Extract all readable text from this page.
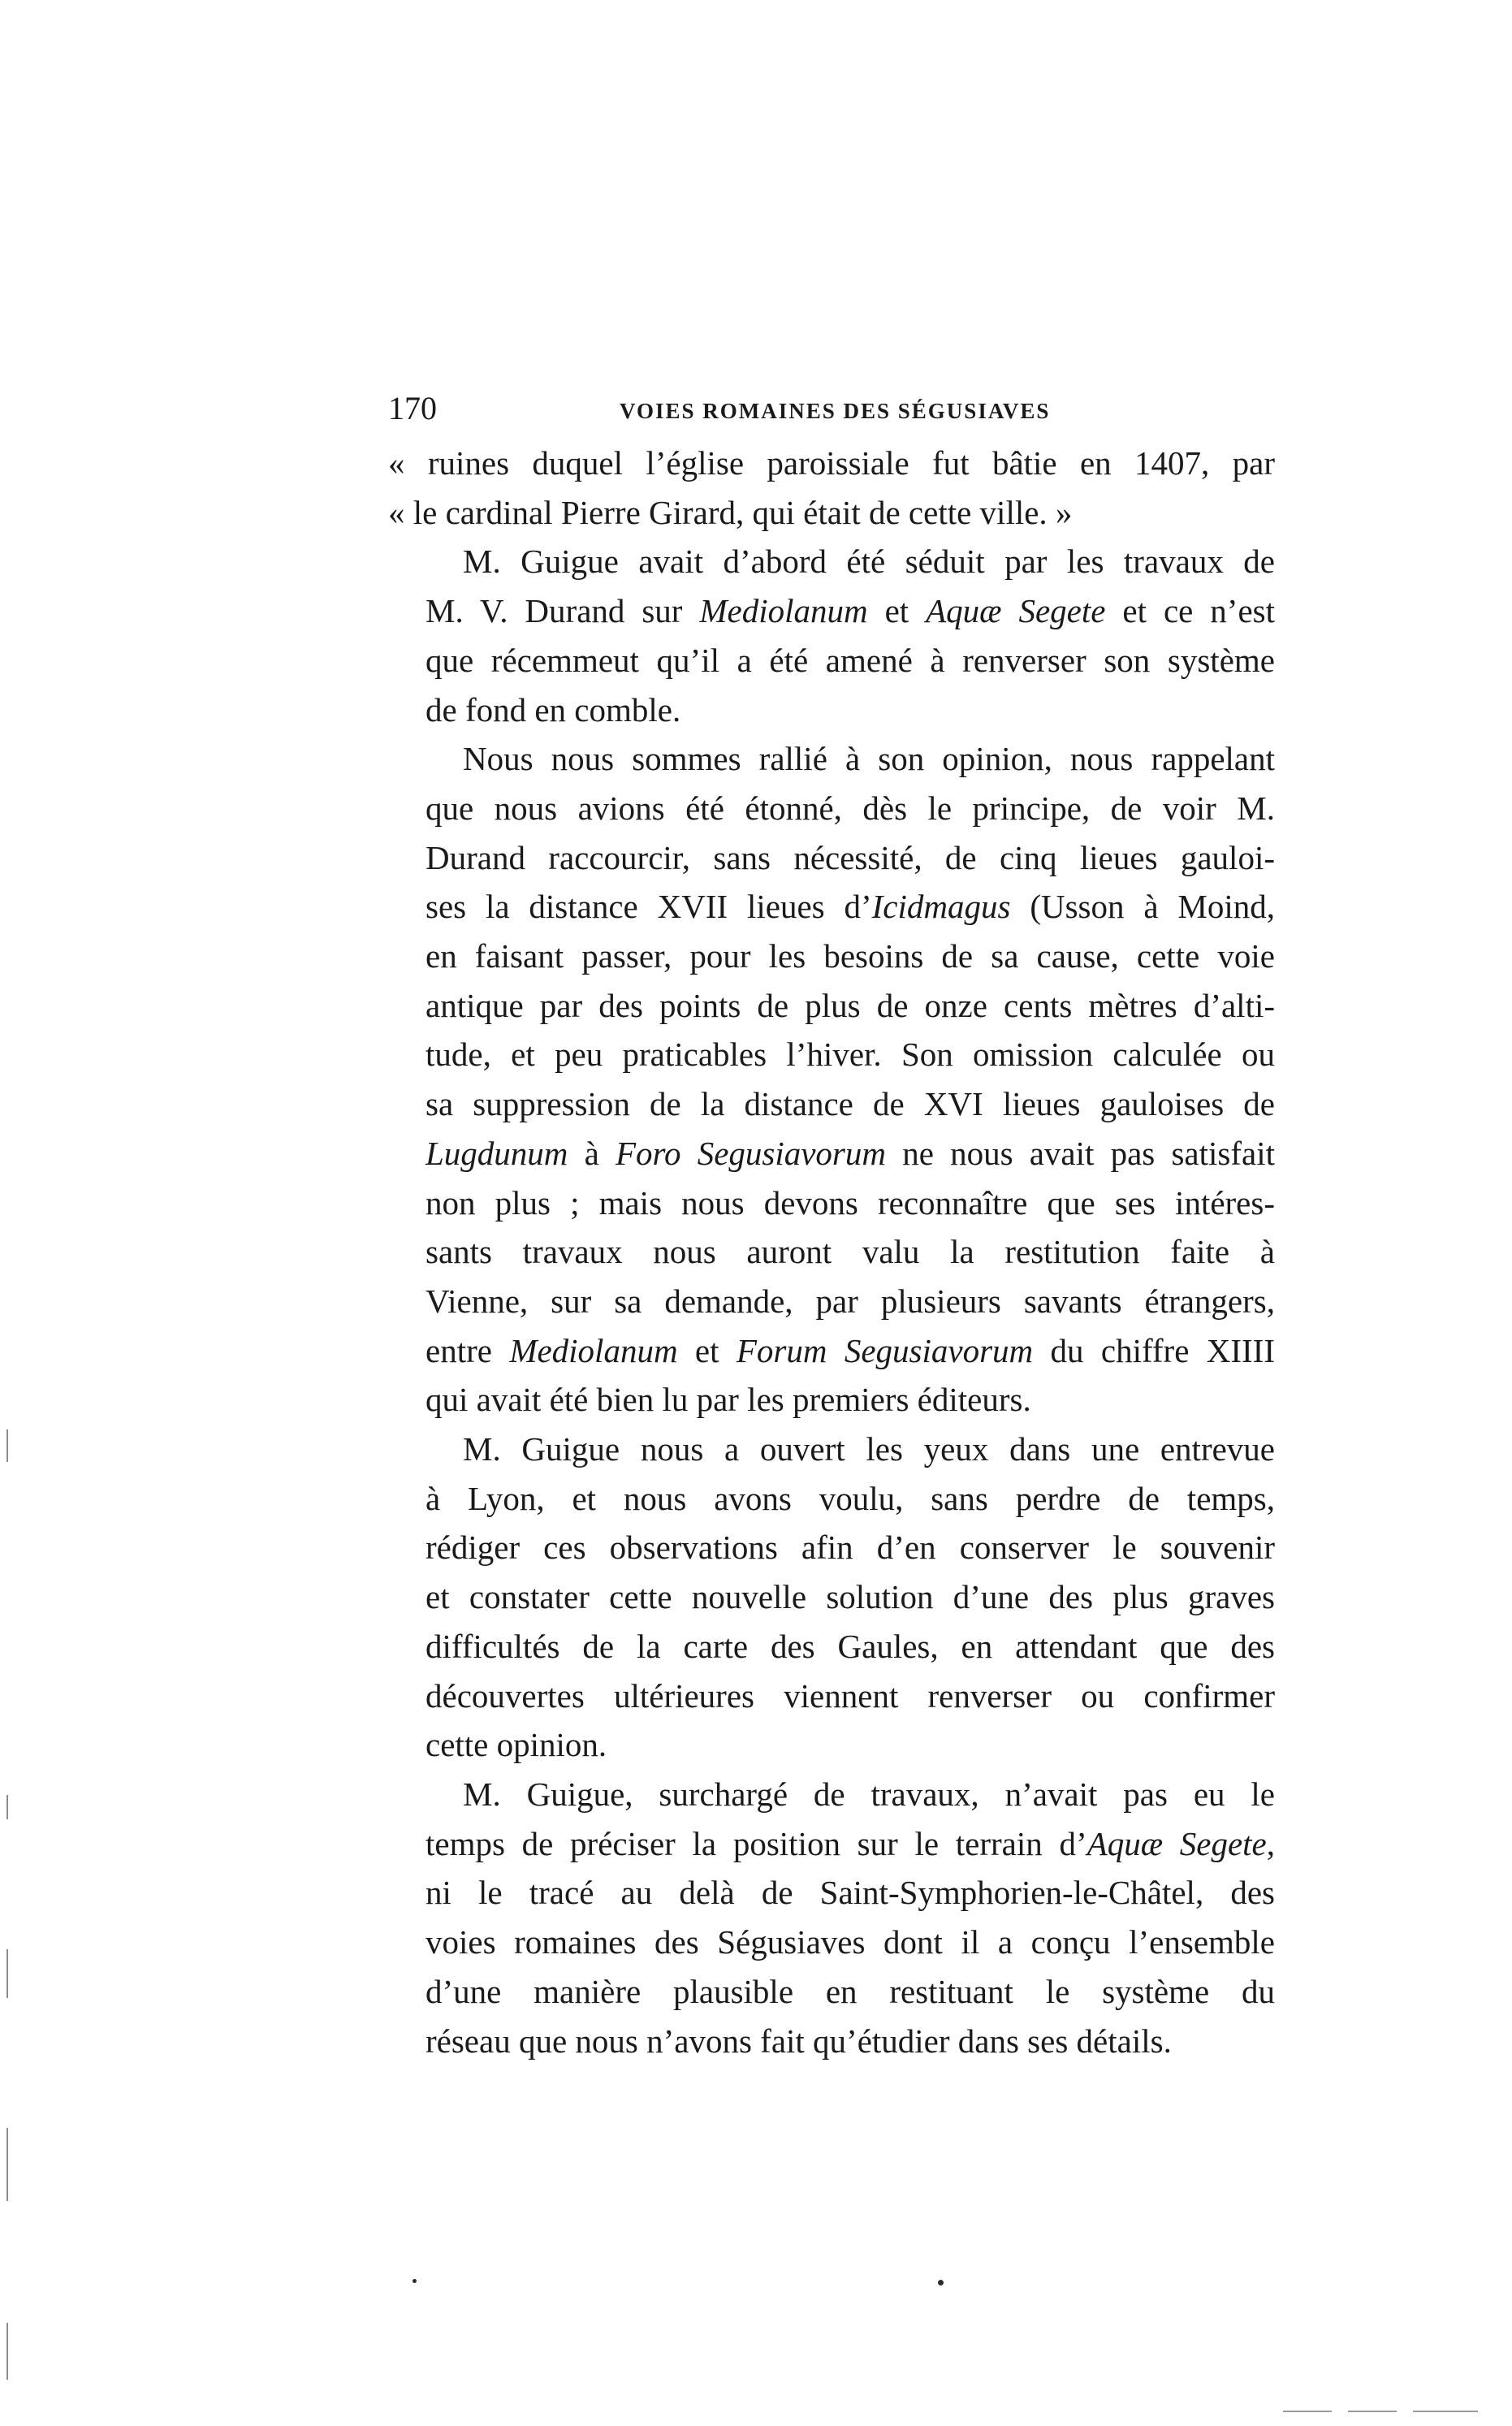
170	VOIES ROMAINES DES SÉGUSIAVES

« ruines duquel l’église paroissiale fut bâtie en 1407, par
« le cardinal Pierre Girard, qui était de cette ville. »

M. Guigue avait d’abord été séduit par les travaux de
M. V. Durand sur Mediolanum et Aquæ Segete et ce n’est
que récemmeut qu’il a été amené à renverser son système
de fond en comble.

Nous nous sommes rallié à son opinion, nous rappelant
que nous avions été étonné, dès le principe, de voir M.
Durand raccourcir, sans nécessité, de cinq lieues gauloi-
ses la distance XVII lieues d’Icidmagus (Usson à Moind,
en faisant passer, pour les besoins de sa cause, cette voie
antique par des points de plus de onze cents mètres d’alti-
tude, et peu praticables l’hiver. Son omission calculée ou
sa suppression de la distance de XVI lieues gauloises de
Lugdunum à Foro Segusiavorum ne nous avait pas satisfait
non plus ; mais nous devons reconnaître que ses intéres-
sants travaux nous auront valu la restitution faite à
Vienne, sur sa demande, par plusieurs savants étrangers,
entre Mediolanum et Forum Segusiavorum du chiffre XIIII
qui avait été bien lu par les premiers éditeurs.

M. Guigue nous a ouvert les yeux dans une entrevue
à Lyon, et nous avons voulu, sans perdre de temps,
rédiger ces observations afin d’en conserver le souvenir
et constater cette nouvelle solution d’une des plus graves
difficultés de la carte des Gaules, en attendant que des
découvertes ultérieures viennent renverser ou confirmer
cette opinion.

M. Guigue, surchargé de travaux, n’avait pas eu le
temps de préciser la position sur le terrain d’Aquæ Segete,
ni le tracé au delà de Saint-Symphorien-le-Châtel, des
voies romaines des Ségusiaves dont il a conçu l’ensemble
d’une manière plausible en restituant le système du
réseau que nous n’avons fait qu’étudier dans ses détails.
